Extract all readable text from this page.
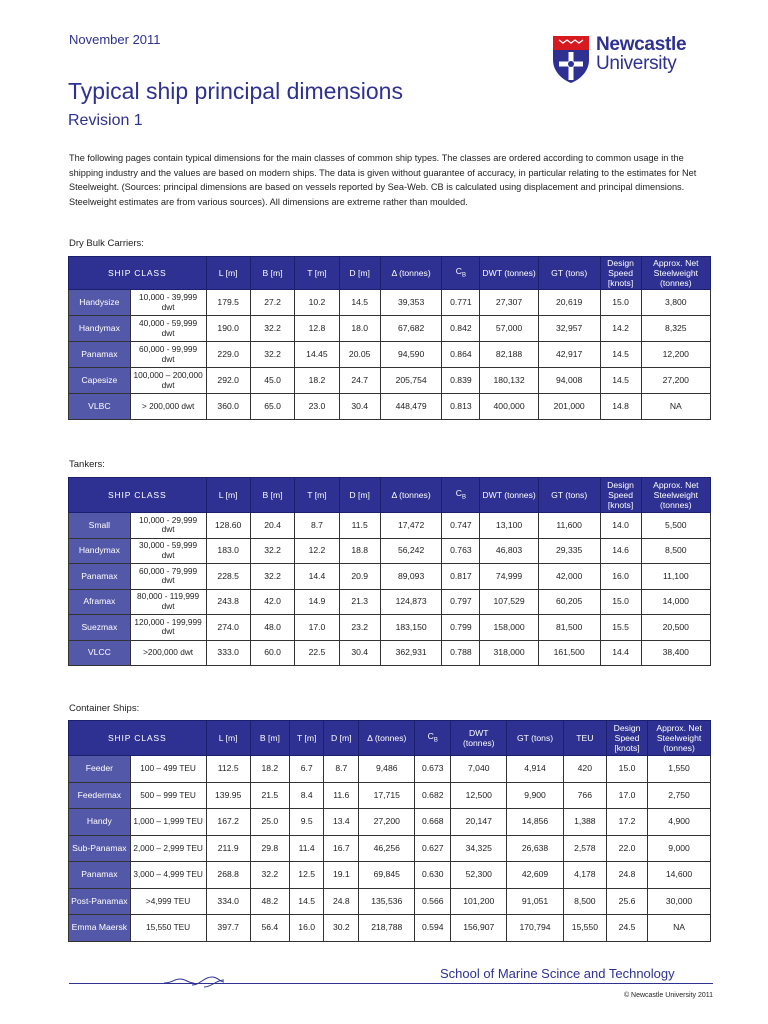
November 2011	Newcastle
University
Typical ship principal dimensions
Revision 1
The following pages contain typical dimensions for the main classes of common ship types. The classes are ordered according to common usage in the shipping industry and the values are based on modern ships. The data is given without guarantee of accuracy, in particular relating to the estimates for Net Steelweight. (Sources: principal dimensions are based on vessels reported by Sea-Web. CB is calculated using displacement and principal dimensions. Steelweight estimates are from various sources). All dimensions are extreme rather than moulded.
Dry Bulk Carriers:
SHIP CLASS		L [m]	B [m]	T [m]	D [m]	Δ (tonnes)	$C_B$	DWT (tonnes)	GT (tons)	Design Speed [knots]	Approx. Net Steelweight (tonnes)
Handysize	10,000 - 39,999 dwt	179.5	27.2	10.2	14.5	39,353	0.771	27,307	20,619	15.0	3,800
Handymax	40,000 - 59,999 dwt	190.0	32.2	12.8	18.0	67,682	0.842	57,000	32,957	14.2	8,325
Panamax	60,000 - 99,999 dwt	229.0	32.2	14.45	20.05	94,590	0.864	82,188	42,917	14.5	12,200
Capesize	100,000 – 200,000 dwt	292.0	45.0	18.2	24.7	205,754	0.839	180,132	94,008	14.5	27,200
VLBC	> 200,000 dwt	360.0	65.0	23.0	30.4	448,479	0.813	400,000	201,000	14.8	NA
Tankers:
SHIP CLASS		L [m]	B [m]	T [m]	D [m]	Δ (tonnes)	$C_B$	DWT (tonnes)	GT (tons)	Design Speed [knots]	Approx. Net Steelweight (tonnes)
Small	10,000 - 29,999 dwt	128.60	20.4	8.7	11.5	17,472	0.747	13,100	11,600	14.0	5,500
Handymax	30,000 - 59,999 dwt	183.0	32.2	12.2	18.8	56,242	0.763	46,803	29,335	14.6	8,500
Panamax	60,000 - 79,999 dwt	228.5	32.2	14.4	20.9	89,093	0.817	74,999	42,000	16.0	11,100
Aframax	80,000 - 119,999 dwt	243.8	42.0	14.9	21.3	124,873	0.797	107,529	60,205	15.0	14,000
Suezmax	120,000 - 199,999 dwt	274.0	48.0	17.0	23.2	183,150	0.799	158,000	81,500	15.5	20,500
VLCC	>200,000 dwt	333.0	60.0	22.5	30.4	362,931	0.788	318,000	161,500	14.4	38,400
Container Ships:
SHIP CLASS		L [m]	B [m]	T [m]	D [m]	Δ (tonnes)	$C_B$	DWT (tonnes)	GT (tons)	TEU	Design Speed [knots]	Approx. Net Steelweight (tonnes)
Feeder	100 – 499 TEU	112.5	18.2	6.7	8.7	9,486	0.673	7,040	4,914	420	15.0	1,550
Feedermax	500 – 999 TEU	139.95	21.5	8.4	11.6	17,715	0.682	12,500	9,900	766	17.0	2,750
Handy	1,000 – 1,999 TEU	167.2	25.0	9.5	13.4	27,200	0.668	20,147	14,856	1,388	17.2	4,900
Sub-Panamax	2,000 – 2,999 TEU	211.9	29.8	11.4	16.7	46,256	0.627	34,325	26,638	2,578	22.0	9,000
Panamax	3,000 – 4,999 TEU	268.8	32.2	12.5	19.1	69,845	0.630	52,300	42,609	4,178	24.8	14,600
Post-Panamax	>4,999 TEU	334.0	48.2	14.5	24.8	135,536	0.566	101,200	91,051	8,500	25.6	30,000
Emma Maersk	15,550 TEU	397.7	56.4	16.0	30.2	218,788	0.594	156,907	170,794	15,550	24.5	NA
School of Marine Scince and Technology
© Newcastle University 2011
